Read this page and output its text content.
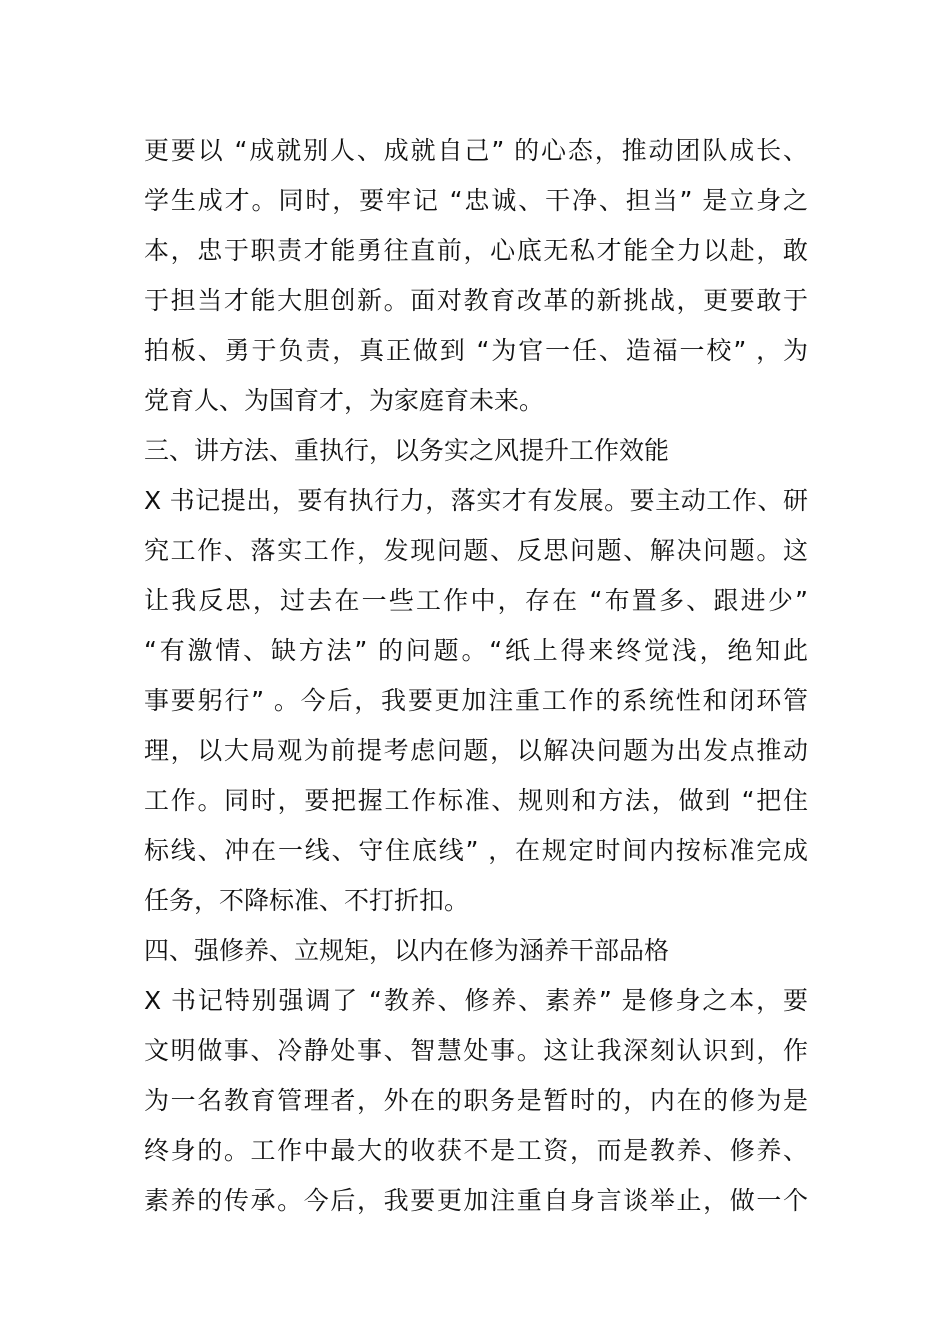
更要以 “成就别人、成就自己” 的心态，推动团队成长、
学生成才。同时，要牢记 “忠诚、干净、担当” 是立身之
本，忠于职责才能勇往直前，心底无私才能全力以赴，敢
于担当才能大胆创新。面对教育改革的新挑战，更要敢于
拍板、勇于负责，真正做到 “为官一任、造福一校” ，为
党育人、为国育才，为家庭育未来。
三、讲方法、重执行，以务实之风提升工作效能
X 书记提出，要有执行力，落实才有发展。要主动工作、研
究工作、落实工作，发现问题、反思问题、解决问题。这
让我反思，过去在一些工作中，存在 “布置多、跟进少”
“有激情、缺方法” 的问题。“纸上得来终觉浅，绝知此
事要躬行” 。今后，我要更加注重工作的系统性和闭环管
理，以大局观为前提考虑问题，以解决问题为出发点推动
工作。同时，要把握工作标准、规则和方法，做到 “把住
标线、冲在一线、守住底线” ，在规定时间内按标准完成
任务，不降标准、不打折扣。
四、强修养、立规矩，以内在修为涵养干部品格
X 书记特别强调了 “教养、修养、素养” 是修身之本，要
文明做事、冷静处事、智慧处事。这让我深刻认识到，作
为一名教育管理者，外在的职务是暂时的，内在的修为是
终身的。工作中最大的收获不是工资，而是教养、修养、
素养的传承。今后，我要更加注重自身言谈举止，做一个
